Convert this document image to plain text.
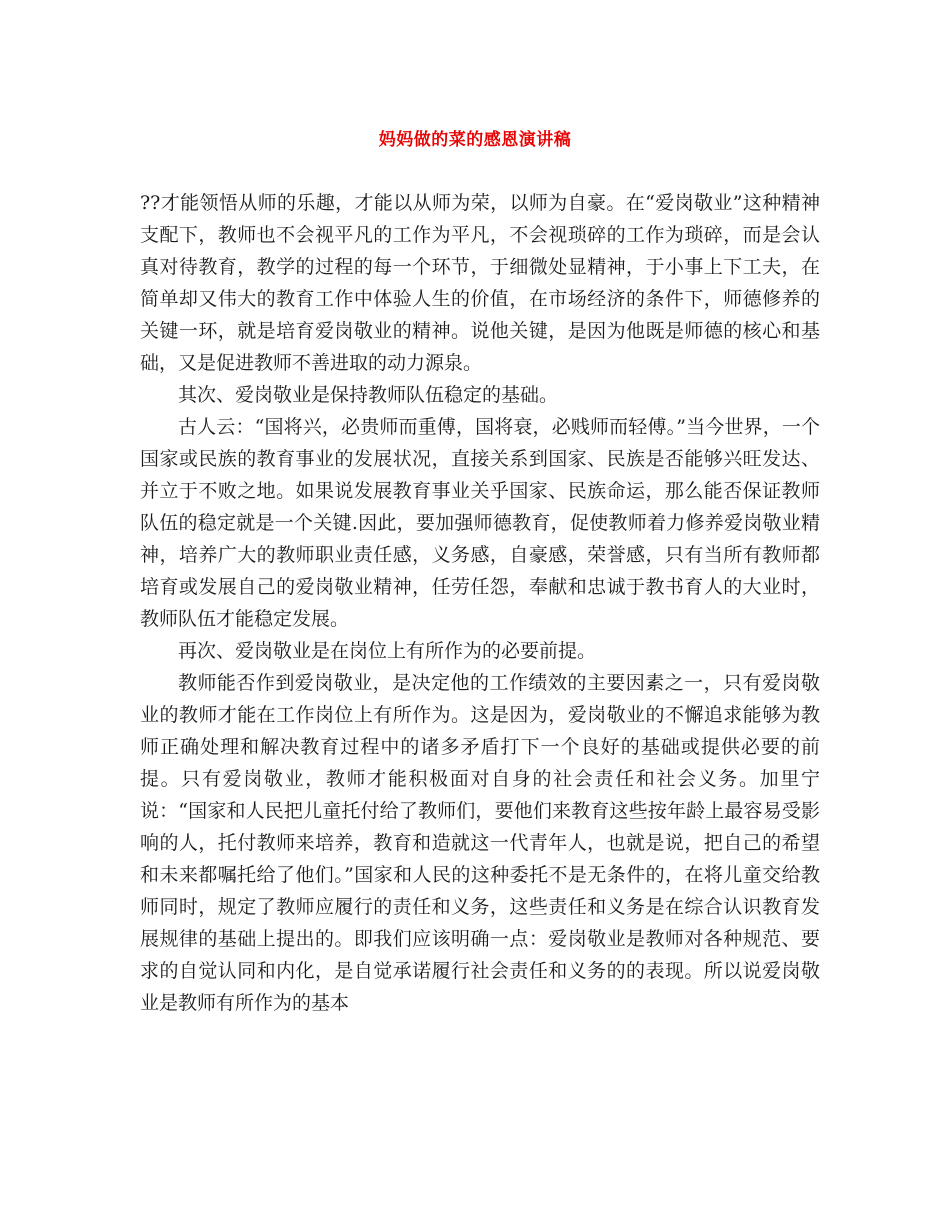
妈妈做的菜的感恩演讲稿

??才能领悟从师的乐趣，才能以从师为荣，以师为自豪。在“爱岗敬业”这种精神支配下，教师也不会视平凡的工作为平凡，不会视琐碎的工作为琐碎，而是会认真对待教育，教学的过程的每一个环节，于细微处显精神，于小事上下工夫，在简单却又伟大的教育工作中体验人生的价值，在市场经济的条件下，师德修养的关键一环，就是培育爱岗敬业的精神。说他关键，是因为他既是师德的核心和基础，又是促进教师不善进取的动力源泉。

其次、爱岗敬业是保持教师队伍稳定的基础。

古人云：“国将兴，必贵师而重傅，国将衰，必贱师而轻傅。”当今世界，一个国家或民族的教育事业的发展状况，直接关系到国家、民族是否能够兴旺发达、并立于不败之地。如果说发展教育事业关乎国家、民族命运，那么能否保证教师队伍的稳定就是一个关键.因此，要加强师德教育，促使教师着力修养爱岗敬业精神，培养广大的教师职业责任感，义务感，自豪感，荣誉感，只有当所有教师都培育或发展自己的爱岗敬业精神，任劳任怨，奉献和忠诚于教书育人的大业时，教师队伍才能稳定发展。

再次、爱岗敬业是在岗位上有所作为的必要前提。

教师能否作到爱岗敬业，是决定他的工作绩效的主要因素之一，只有爱岗敬业的教师才能在工作岗位上有所作为。这是因为，爱岗敬业的不懈追求能够为教师正确处理和解决教育过程中的诸多矛盾打下一个良好的基础或提供必要的前提。只有爱岗敬业，教师才能积极面对自身的社会责任和社会义务。加里宁说：“国家和人民把儿童托付给了教师们，要他们来教育这些按年龄上最容易受影响的人，托付教师来培养，教育和造就这一代青年人，也就是说，把自己的希望和未来都嘱托给了他们。”国家和人民的这种委托不是无条件的，在将儿童交给教师同时，规定了教师应履行的责任和义务，这些责任和义务是在综合认识教育发展规律的基础上提出的。即我们应该明确一点：爱岗敬业是教师对各种规范、要求的自觉认同和内化，是自觉承诺履行社会责任和义务的的表现。所以说爱岗敬业是教师有所作为的基本
